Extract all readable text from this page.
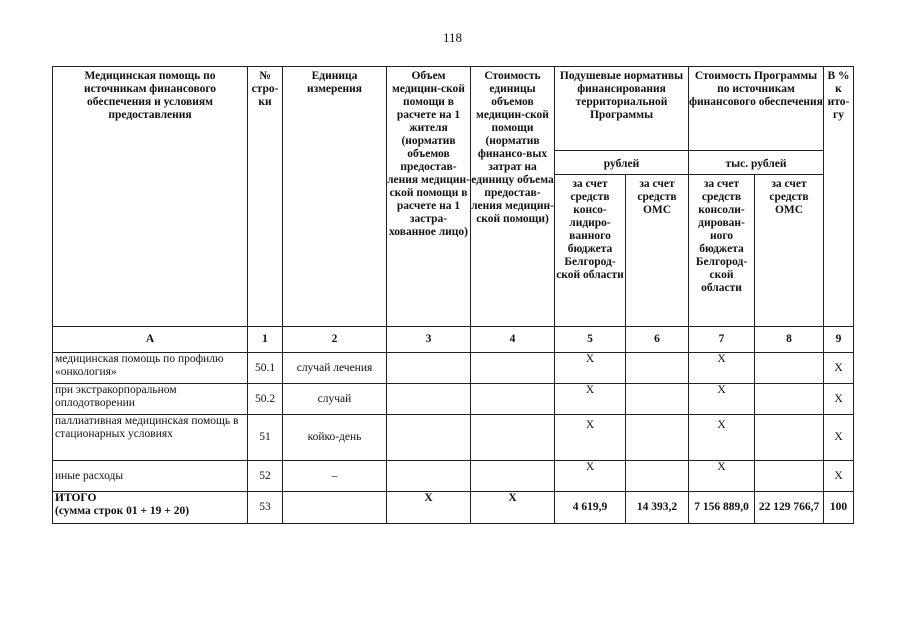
118
Медицинская помощь по источникам финансового обеспечения и условиям предоставления	№ стро-ки	Единица измерения	Объем медицин-ской помощи в расчете на 1 жителя (норматив объемов предостав-ления медицин-ской помощи в расчете на 1 застра-хованное лицо)	Стоимость единицы объемов медицин-ской помощи (норматив финансо-вых затрат на единицу объема предостав-ления медицин-ской помощи)	Подушевые нормативы финансирования территориальной Программы		Стоимость Программы по источникам финансового обеспечения		В % к ито-гу
					рублей		тыс. рублей		
					за счет средств консо-лидиро-ванного бюджета Белгород-ской области	за счет средств ОМС	за счет средств консоли-дирован-ного бюджета Белгород-ской области	за счет средств ОМС	
А	1	2	3	4	5	6	7	8	9
медицинская помощь по профилю «онкология»	50.1	случай лечения			X		X		X
при экстракорпоральном оплодотворении	50.2	случай			X		X		X
паллиативная медицинская помощь в стационарных условиях	51	койко-день			X		X		X
иные расходы	52	–			X		X		X

ИТОГО
(сумма строк 01 + 19 + 20)	53		X	X	4 619,9	14 393,2	7 156 889,0	22 129 766,7	100
